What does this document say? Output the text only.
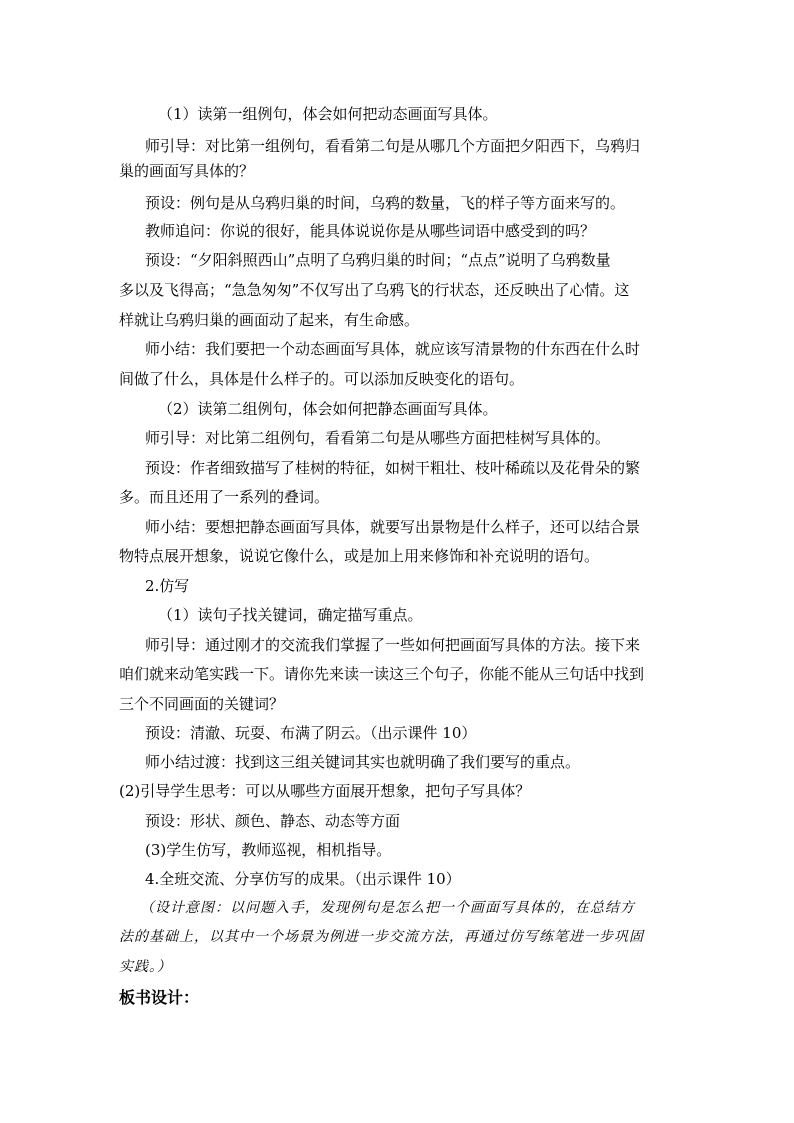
（1）读第一组例句，体会如何把动态画面写具体。
师引导：对比第一组例句，看看第二句是从哪几个方面把夕阳西下，乌鸦归
巢的画面写具体的？
预设：例句是从乌鸦归巢的时间，乌鸦的数量，飞的样子等方面来写的。
教师追问：你说的很好，能具体说说你是从哪些词语中感受到的吗？
预设：“夕阳斜照西山”点明了乌鸦归巢的时间；“点点”说明了乌鸦数量
多以及飞得高；“急急匆匆”不仅写出了乌鸦飞的行状态，还反映出了心情。这
样就让乌鸦归巢的画面动了起来，有生命感。
师小结：我们要把一个动态画面写具体，就应该写清景物的什东西在什么时
间做了什么，具体是什么样子的。可以添加反映变化的语句。
（2）读第二组例句，体会如何把静态画面写具体。
师引导：对比第二组例句，看看第二句是从哪些方面把桂树写具体的。
预设：作者细致描写了桂树的特征，如树干粗壮、枝叶稀疏以及花骨朵的繁
多。而且还用了一系列的叠词。
师小结：要想把静态画面写具体，就要写出景物是什么样子，还可以结合景
物特点展开想象，说说它像什么，或是加上用来修饰和补充说明的语句。
2.仿写
（1）读句子找关键词，确定描写重点。
师引导：通过刚才的交流我们掌握了一些如何把画面写具体的方法。接下来
咱们就来动笔实践一下。请你先来读一读这三个句子，你能不能从三句话中找到
三个不同画面的关键词？
预设：清澈、玩耍、布满了阴云。（出示课件 10）
师小结过渡：找到这三组关键词其实也就明确了我们要写的重点。
(2)引导学生思考：可以从哪些方面展开想象，把句子写具体？
预设：形状、颜色、静态、动态等方面
(3)学生仿写，教师巡视，相机指导。
4.全班交流、分享仿写的成果。（出示课件 10）
（设计意图：以问题入手，发现例句是怎么把一个画面写具体的，在总结方
法的基础上，以其中一个场景为例进一步交流方法，再通过仿写练笔进一步巩固
实践。）
板书设计：
